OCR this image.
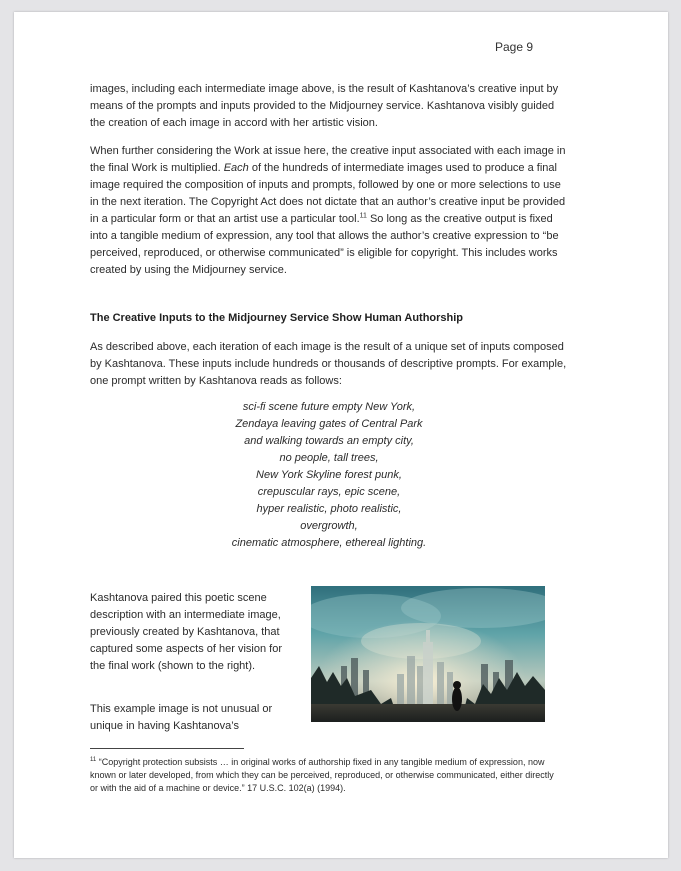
Page 9

images, including each intermediate image above, is the result of Kashtanova’s creative input by means of the prompts and inputs provided to the Midjourney service. Kashtanova visibly guided the creation of each image in accord with her artistic vision.

When further considering the Work at issue here, the creative input associated with each image in the final Work is multiplied. Each of the hundreds of intermediate images used to produce a final image required the composition of inputs and prompts, followed by one or more selections to use in the next iteration. The Copyright Act does not dictate that an author’s creative input be provided in a particular form or that an artist use a particular tool.$^{11}$ So long as the creative output is fixed into a tangible medium of expression, any tool that allows the author’s creative expression to “be perceived, reproduced, or otherwise communicated” is eligible for copyright. This includes works created by using the Midjourney service.

The Creative Inputs to the Midjourney Service Show Human Authorship

As described above, each iteration of each image is the result of a unique set of inputs composed by Kashtanova. These inputs include hundreds or thousands of descriptive prompts. For example, one prompt written by Kashtanova reads as follows:

sci-fi scene future empty New York,
Zendaya leaving gates of Central Park
and walking towards an empty city,
no people, tall trees,
New York Skyline forest punk,
crepuscular rays, epic scene,
hyper realistic, photo realistic,
overgrowth,
cinematic atmosphere, ethereal lighting.

Kashtanova paired this poetic scene description with an intermediate image, previously created by Kashtanova, that captured some aspects of her vision for the final work (shown to the right).

This example image is not unusual or unique in having Kashtanova’s

$^{11}$ “Copyright protection subsists … in original works of authorship fixed in any tangible medium of expression, now known or later developed, from which they can be perceived, reproduced, or otherwise communicated, either directly or with the aid of a machine or device.” 17 U.S.C. 102(a) (1994).
